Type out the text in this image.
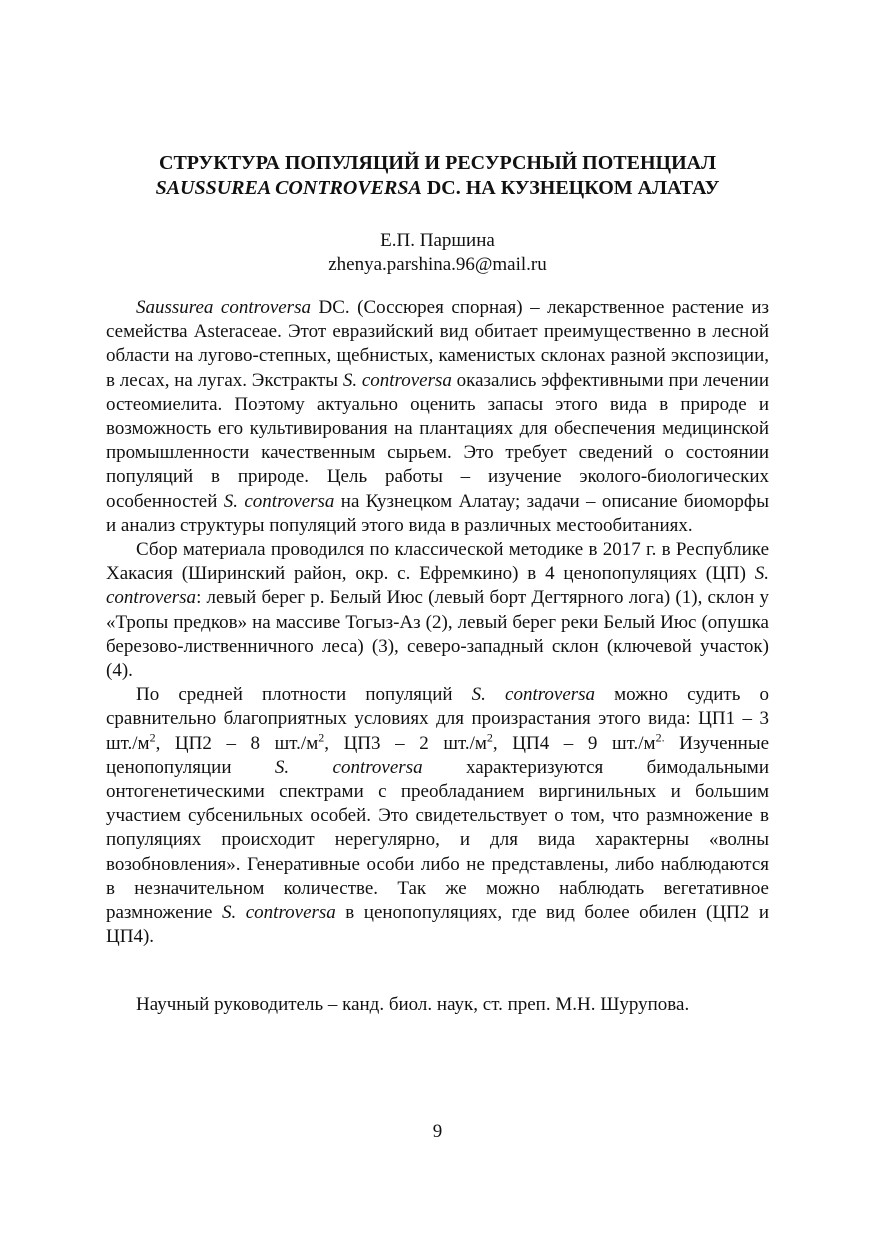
СТРУКТУРА ПОПУЛЯЦИЙ И РЕСУРСНЫЙ ПОТЕНЦИАЛ
SAUSSUREA CONTROVERSA DC. НА КУЗНЕЦКОМ АЛАТАУ
Е.П. Паршина
zhenya.parshina.96@mail.ru

Saussurea controversa DC. (Соссюрея спорная) – лекарственное растение из семейства Asteraceae. Этот евразийский вид обитает преимущественно в лесной области на лугово-степных, щебнистых, каменистых склонах разной экспозиции, в лесах, на лугах. Экстракты S. controversa оказались эффективными при лечении остеомиелита. Поэтому актуально оценить запасы этого вида в природе и возможность его культивирования на плантациях для обеспечения медицинской промышленности качественным сырьем. Это требует сведений о состоянии популяций в природе. Цель работы – изучение эколого-биологических особенностей S. controversa на Кузнецком Алатау; задачи – описание биоморфы и анализ структуры популяций этого вида в различных местообитаниях.

Сбор материала проводился по классической методике в 2017 г. в Республике Хакасия (Ширинский район, окр. с. Ефремкино) в 4 ценопопуляциях (ЦП) S. controversa: левый берег р. Белый Июс (левый борт Дегтярного лога) (1), склон у «Тропы предков» на массиве Тогыз-Аз (2), левый берег реки Белый Июс (опушка березово-лиственничного леса) (3), северо-западный склон (ключевой участок) (4).

По средней плотности популяций S. controversa можно судить о сравнительно благоприятных условиях для произрастания этого вида: ЦП1 – 3 $шт./м^2$, ЦП2 – 8 $шт./м^2$, ЦП3 – 2 $шт./м^2$, ЦП4 – 9 $шт./м^{2.}$ Изученные ценопопуляции S. controversa характеризуются бимодальными онтогенетическими спектрами с преобладанием виргинильных и большим участием субсенильных особей. Это свидетельствует о том, что размножение в популяциях происходит нерегулярно, и для вида характерны «волны возобновления». Генеративные особи либо не представлены, либо наблюдаются в незначительном количестве. Так же можно наблюдать вегетативное размножение S. controversa в ценопопуляциях, где вид более обилен (ЦП2 и ЦП4).

Научный руководитель – канд. биол. наук, ст. преп. М.Н. Шурупова.
9
